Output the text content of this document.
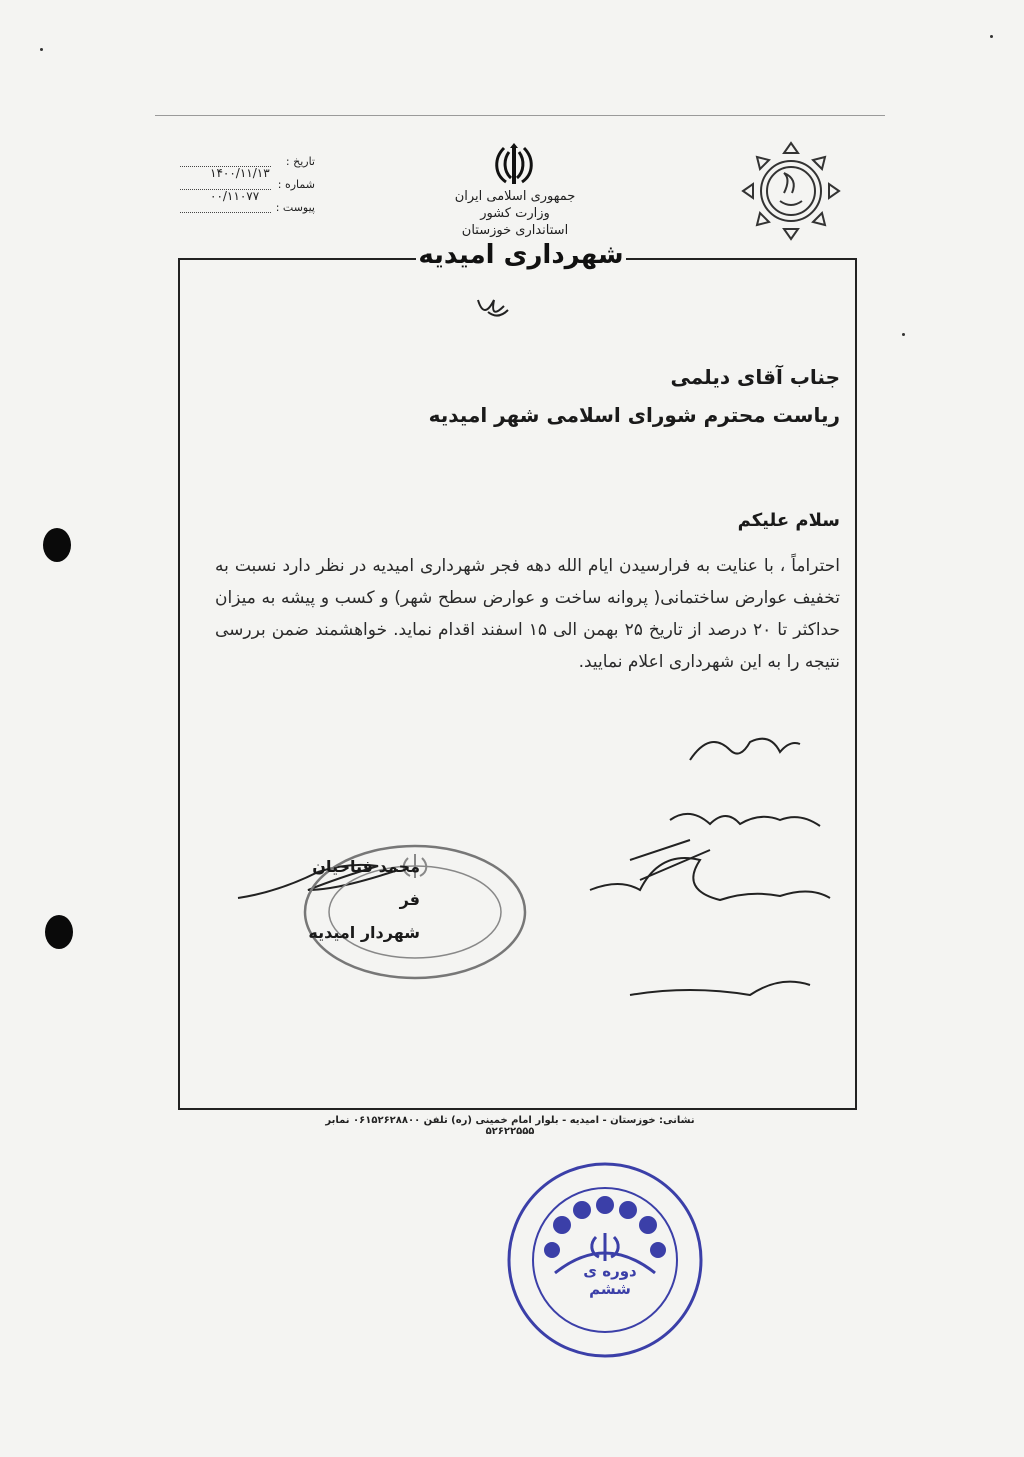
جمهوری اسلامی ایران
وزارت کشور
استانداری خوزستان
تاریخ :
۱۴۰۰/۱۱/۱۳
شماره :
۰۰/۱۱۰۷۷
پیوست :
شهرداری امیدیه
جناب آقای دیلمی
ریاست محترم شورای اسلامی شهر امیدیه
سلام علیکم
احتراماً ، با عنایت به فرارسیدن ایام الله دهه فجر شهرداری امیدیه در نظر دارد نسبت به تخفیف عوارض ساختمانی( پروانه ساخت و عوارض سطح شهر) و کسب و پیشه به میزان حداکثر تا ۲۰ درصد از تاریخ ۲۵ بهمن الی ۱۵ اسفند اقدام نماید. خواهشمند ضمن بررسی نتیجه را به این شهرداری اعلام نمایید.
محمد فتاحیان فر
شهردار امیدیه
نشانی: خوزستان - امیدیه - بلوار امام خمینی (ره) تلفن ۰۶۱۵۲۶۲۸۸۰۰ نمابر ۵۲۶۲۲۵۵۵
دوره ی ششم
